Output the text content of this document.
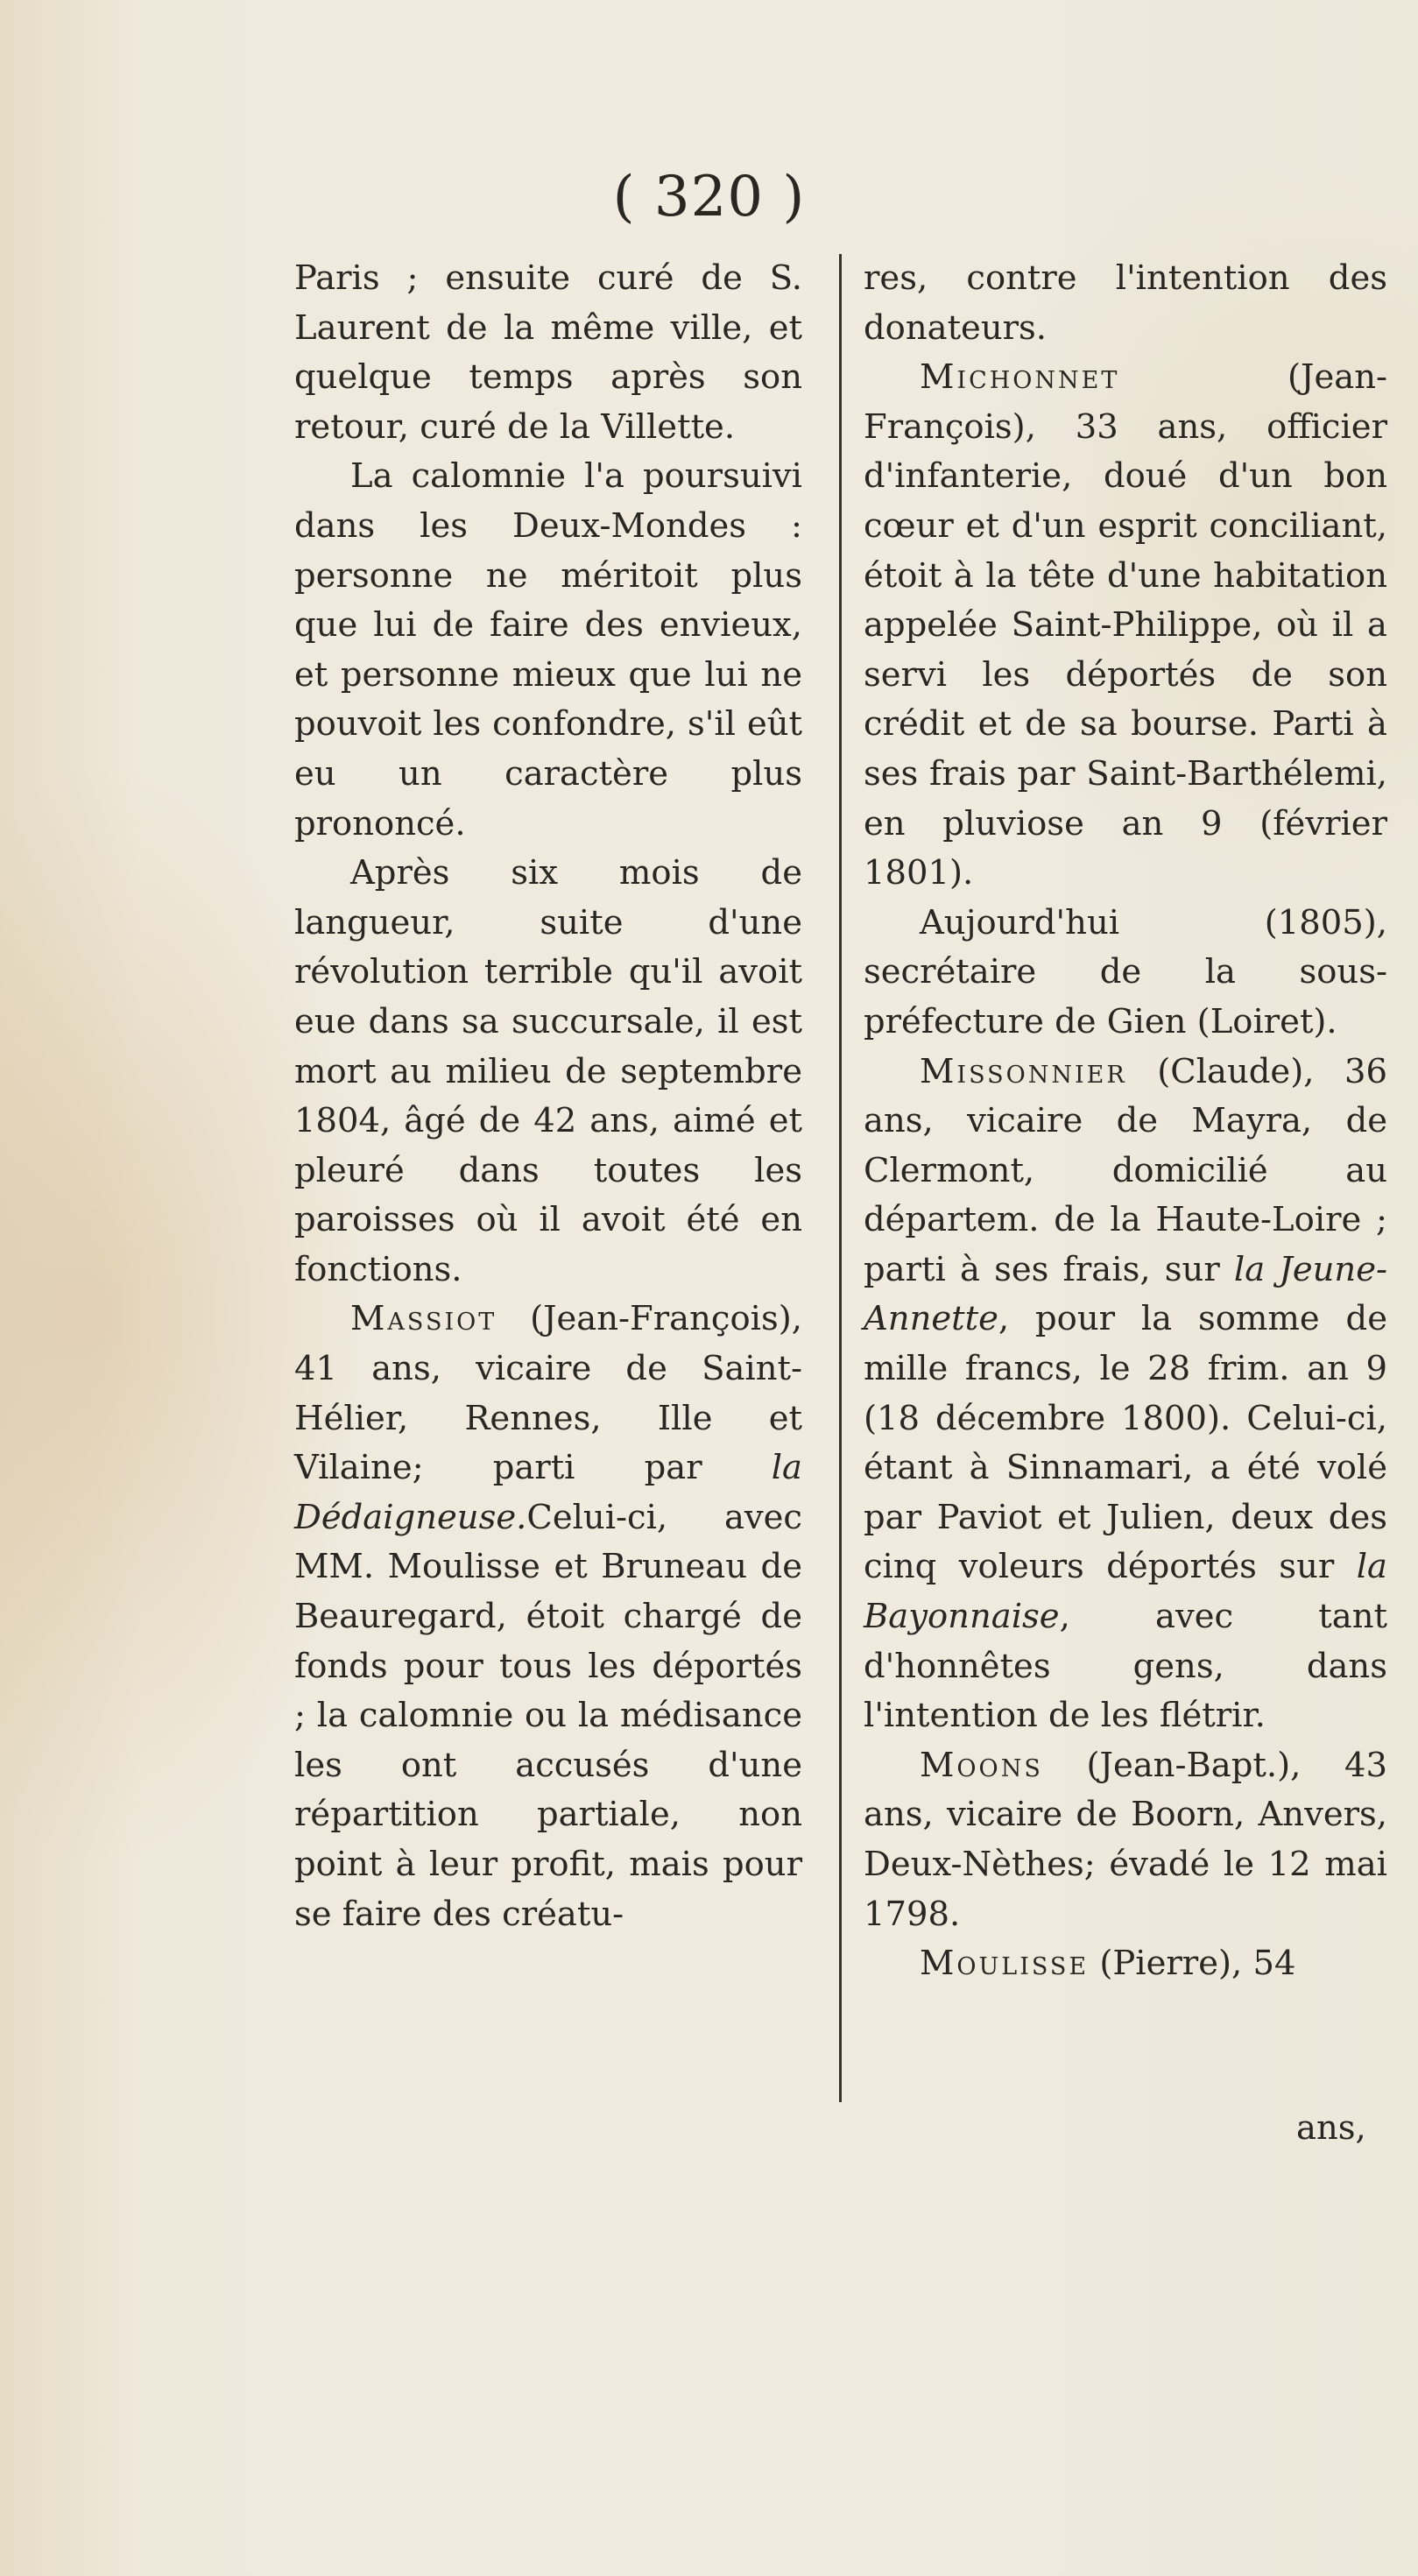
( 320 )

Paris ; ensuite curé de S. Laurent de la même ville, et quelque temps après son retour, curé de la Villette.

La calomnie l'a poursuivi dans les Deux-Mondes : personne ne méritoit plus que lui de faire des envieux, et personne mieux que lui ne pouvoit les confondre, s'il eût eu un caractère plus prononcé.

Après six mois de langueur, suite d'une révolution terrible qu'il avoit eue dans sa succursale, il est mort au milieu de septembre 1804, âgé de 42 ans, aimé et pleuré dans toutes les paroisses où il avoit été en fonctions.

Massiot (Jean-François), 41 ans, vicaire de Saint-Hélier, Rennes, Ille et Vilaine; parti par la Dédaigneuse.Celui-ci, avec MM. Moulisse et Bruneau de Beauregard, étoit chargé de fonds pour tous les déportés ; la calomnie ou la médisance les ont accusés d'une répartition partiale, non point à leur profit, mais pour se faire des créatu-

res, contre l'intention des donateurs.

Michonnet (Jean-François), 33 ans, officier d'infanterie, doué d'un bon cœur et d'un esprit conciliant, étoit à la tête d'une habitation appelée Saint-Philippe, où il a servi les déportés de son crédit et de sa bourse. Parti à ses frais par Saint-Barthélemi, en pluviose an 9 (février 1801).

Aujourd'hui (1805), secrétaire de la sous-préfecture de Gien (Loiret).

Missonnier (Claude), 36 ans, vicaire de Mayra, de Clermont, domicilié au départem. de la Haute-Loire ; parti à ses frais, sur la Jeune-Annette, pour la somme de mille francs, le 28 frim. an 9 (18 décembre 1800). Celui-ci, étant à Sinnamari, a été volé par Paviot et Julien, deux des cinq voleurs déportés sur la Bayonnaise, avec tant d'honnêtes gens, dans l'intention de les flétrir.

Moons (Jean-Bapt.), 43 ans, vicaire de Boorn, Anvers, Deux-Nèthes; évadé le 12 mai 1798.

Moulisse (Pierre), 54

ans,
